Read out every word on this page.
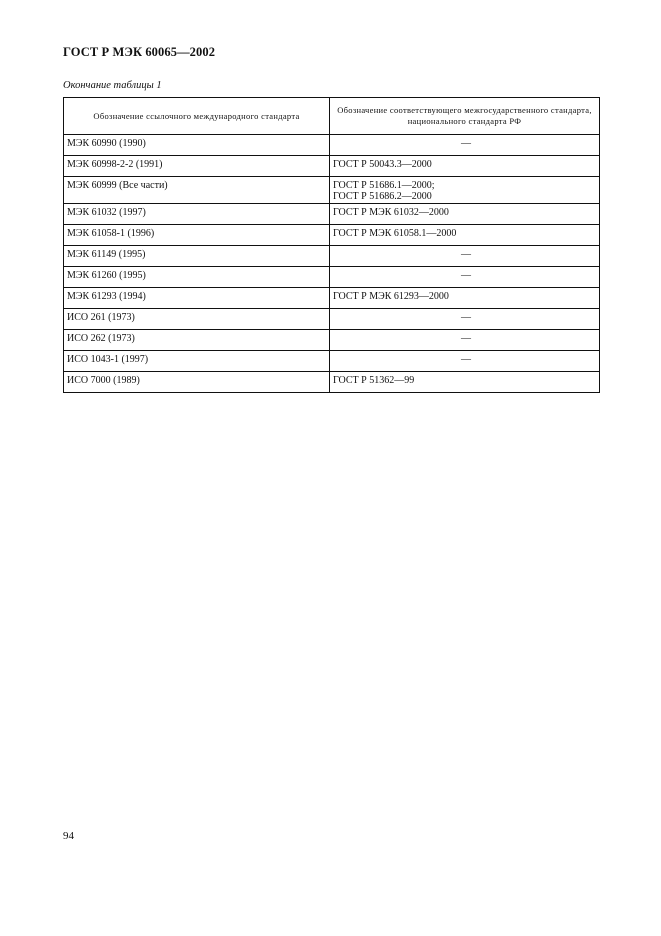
ГОСТ Р МЭК 60065—2002
Окончание таблицы 1
Обозначение ссылочного международного стандарта	Обозначение соответствующего межгосударственного стандарта, национального стандарта РФ
МЭК 60990 (1990)	—

МЭК 60998-2-2 (1991)	ГОСТ Р 50043.3—2000

МЭК 60999 (Все части)	ГОСТ Р 51686.1—2000;
ГОСТ Р 51686.2—2000

МЭК 61032 (1997)	ГОСТ Р МЭК 61032—2000

МЭК 61058-1 (1996)	ГОСТ Р МЭК 61058.1—2000

МЭК 61149 (1995)	—

МЭК 61260 (1995)	—

МЭК 61293 (1994)	ГОСТ Р МЭК 61293—2000

ИСО 261 (1973)	—

ИСО 262 (1973)	—

ИСО 1043-1 (1997)	—

ИСО 7000 (1989)	ГОСТ Р 51362—99
94
